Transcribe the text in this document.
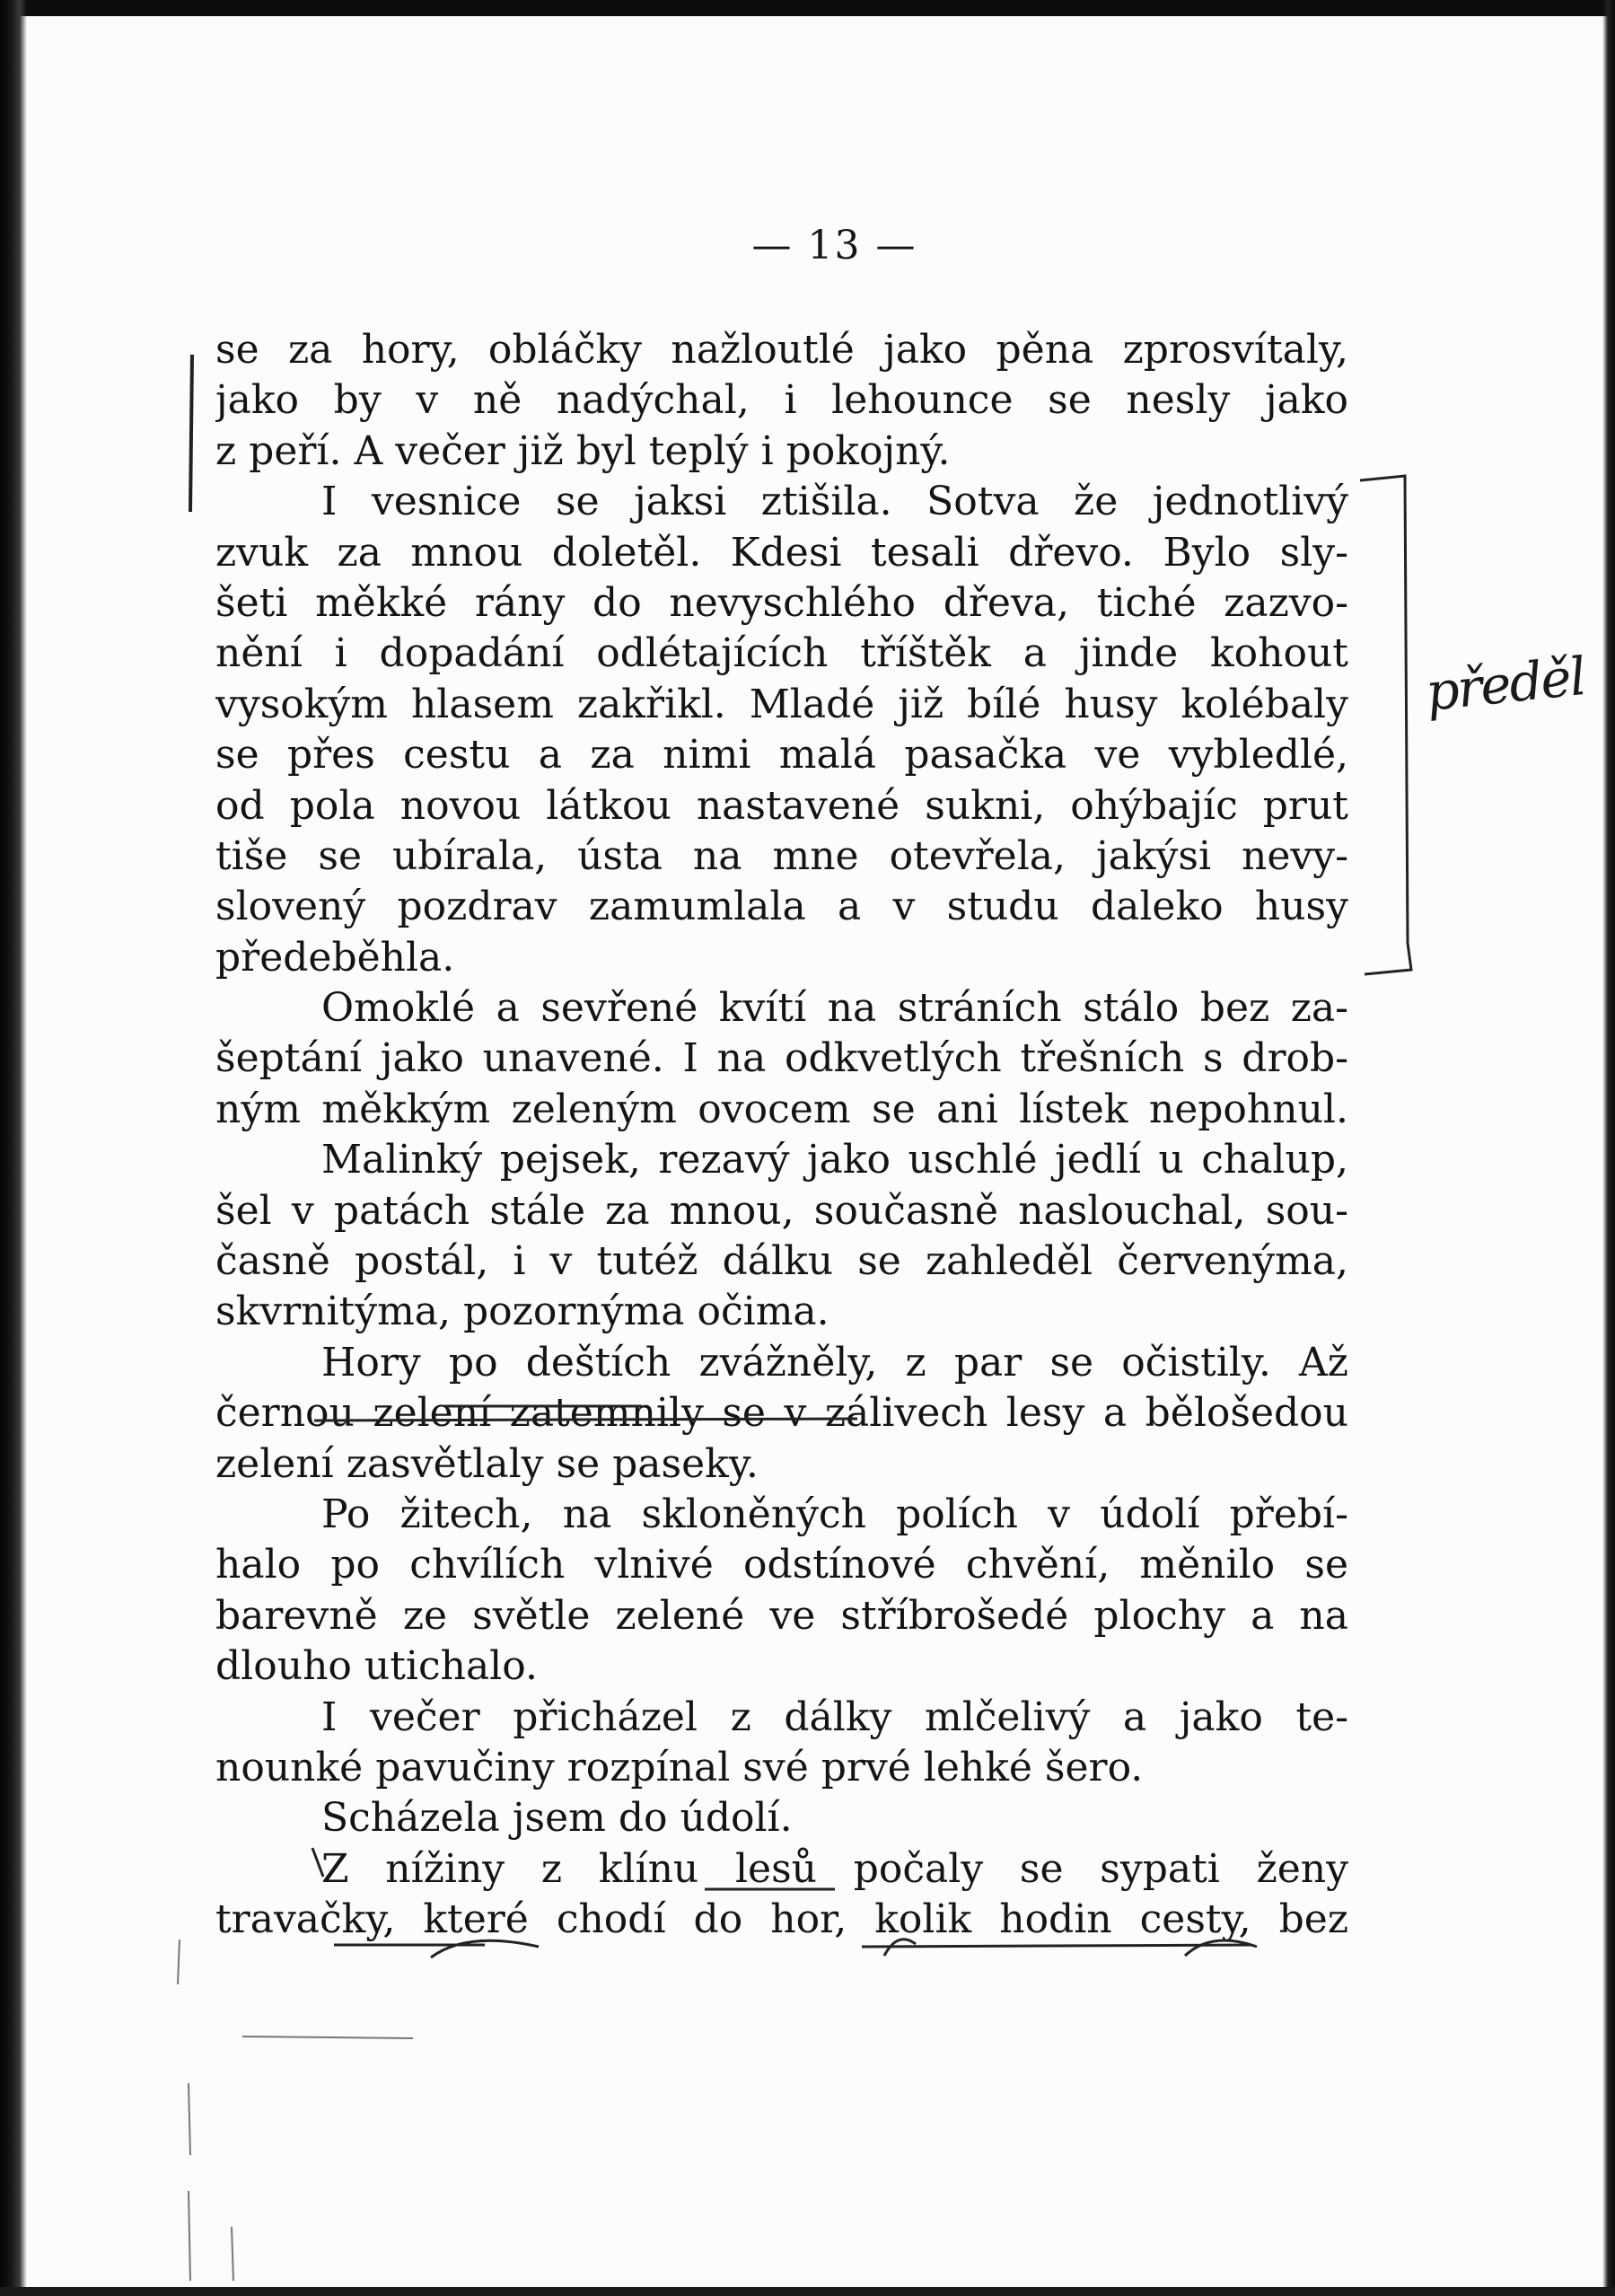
— 13 —
se za hory, obláčky nažloutlé jako pěna zprosvítaly,
jako by v ně nadýchal, i lehounce se nesly jako
z peří. A večer již byl teplý i pokojný.
I vesnice se jaksi ztišila. Sotva že jednotlivý
zvuk za mnou doletěl. Kdesi tesali dřevo. Bylo sly-
šeti měkké rány do nevyschlého dřeva, tiché zazvo-
nění i dopadání odlétajících tříštěk a jinde kohout
vysokým hlasem zakřikl. Mladé již bílé husy kolébaly
se přes cestu a za nimi malá pasačka ve vybledlé,
od pola novou látkou nastavené sukni, ohýbajíc prut
tiše se ubírala, ústa na mne otevřela, jakýsi nevy-
slovený pozdrav zamumlala a v studu daleko husy
předeběhla.
Omoklé a sevřené kvítí na stráních stálo bez za-
šeptání jako unavené. I na odkvetlých třešních s drob-
ným měkkým zeleným ovocem se ani lístek nepohnul.
Malinký pejsek, rezavý jako uschlé jedlí u chalup,
šel v patách stále za mnou, současně naslouchal, sou-
časně postál, i v tutéž dálku se zahleděl červenýma,
skvrnitýma, pozornýma očima.
Hory po deštích zvážněly, z par se očistily. Až
černou zelení zatemnily se v zálivech lesy a bělošedou
zelení zasvětlaly se paseky.
Po žitech, na skloněných polích v údolí přebí-
halo po chvílích vlnivé odstínové chvění, měnilo se
barevně ze světle zelené ve stříbrošedé plochy a na
dlouho utichalo.
I večer přicházel z dálky mlčelivý a jako te-
nounké pavučiny rozpínal své prvé lehké šero.
Scházela jsem do údolí.
Z nížiny z klínu lesů počaly se sypati ženy
travačky, které chodí do hor, kolik hodin cesty, bez
předěl
